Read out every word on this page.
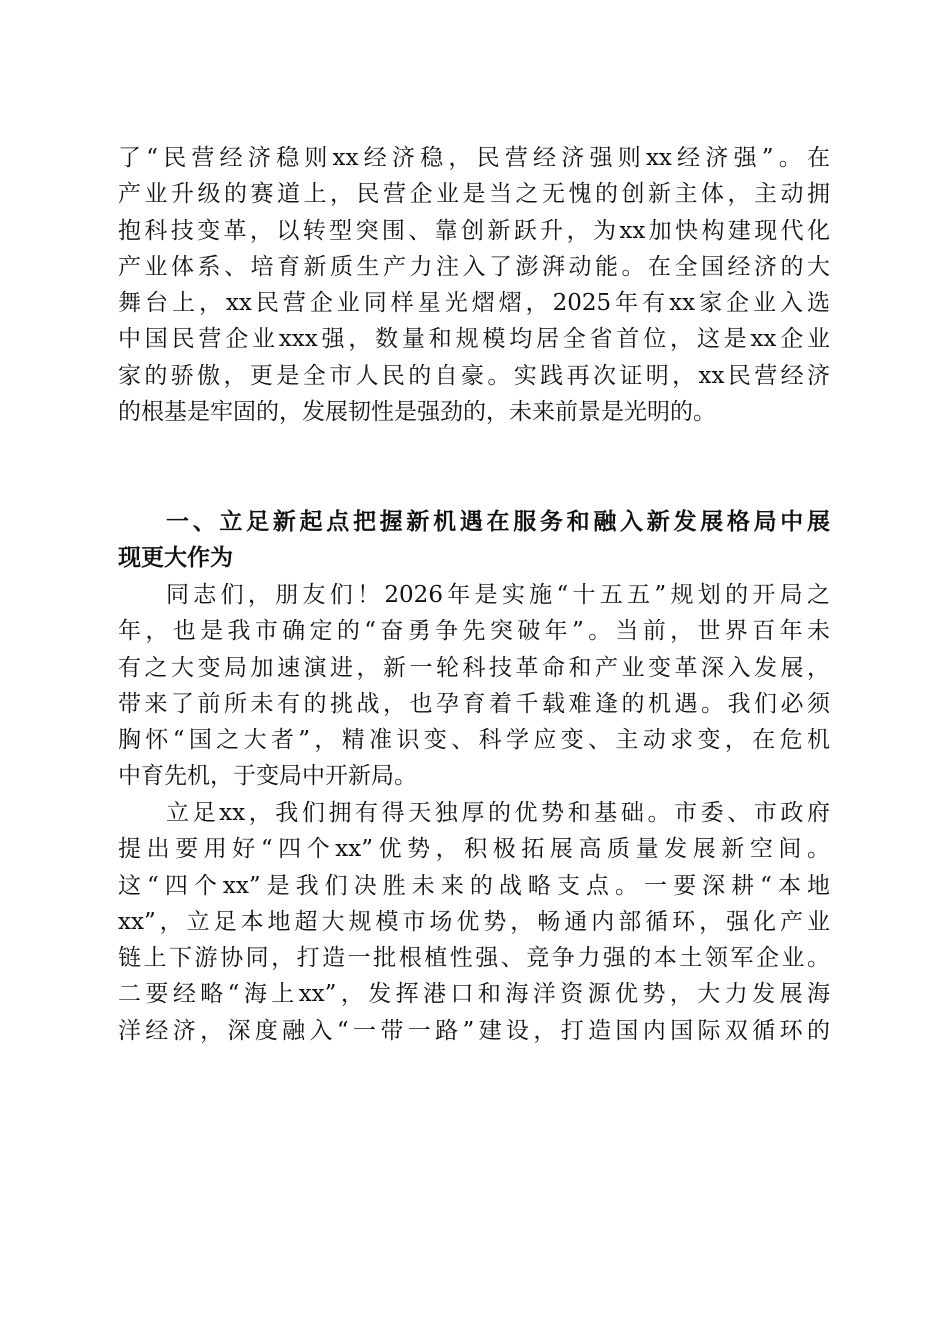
了“民营经济稳则xx经济稳，民营经济强则xx经济强”。在
产业升级的赛道上，民营企业是当之无愧的创新主体，主动拥
抱科技变革，以转型突围、靠创新跃升，为xx加快构建现代化
产业体系、培育新质生产力注入了澎湃动能。在全国经济的大
舞台上，xx民营企业同样星光熠熠，2025年有xx家企业入选
中国民营企业xxx强，数量和规模均居全省首位，这是xx企业
家的骄傲，更是全市人民的自豪。实践再次证明，xx民营经济
的根基是牢固的，发展韧性是强劲的，未来前景是光明的。
一、立足新起点把握新机遇在服务和融入新发展格局中展
现更大作为
同志们，朋友们！2026年是实施“十五五”规划的开局之
年，也是我市确定的“奋勇争先突破年”。当前，世界百年未
有之大变局加速演进，新一轮科技革命和产业变革深入发展，
带来了前所未有的挑战，也孕育着千载难逢的机遇。我们必须
胸怀“国之大者”，精准识变、科学应变、主动求变，在危机
中育先机，于变局中开新局。
立足xx，我们拥有得天独厚的优势和基础。市委、市政府
提出要用好“四个xx”优势，积极拓展高质量发展新空间。
这“四个xx”是我们决胜未来的战略支点。一要深耕“本地
xx”，立足本地超大规模市场优势，畅通内部循环，强化产业
链上下游协同，打造一批根植性强、竞争力强的本土领军企业。
二要经略“海上xx”，发挥港口和海洋资源优势，大力发展海
洋经济，深度融入“一带一路”建设，打造国内国际双循环的
